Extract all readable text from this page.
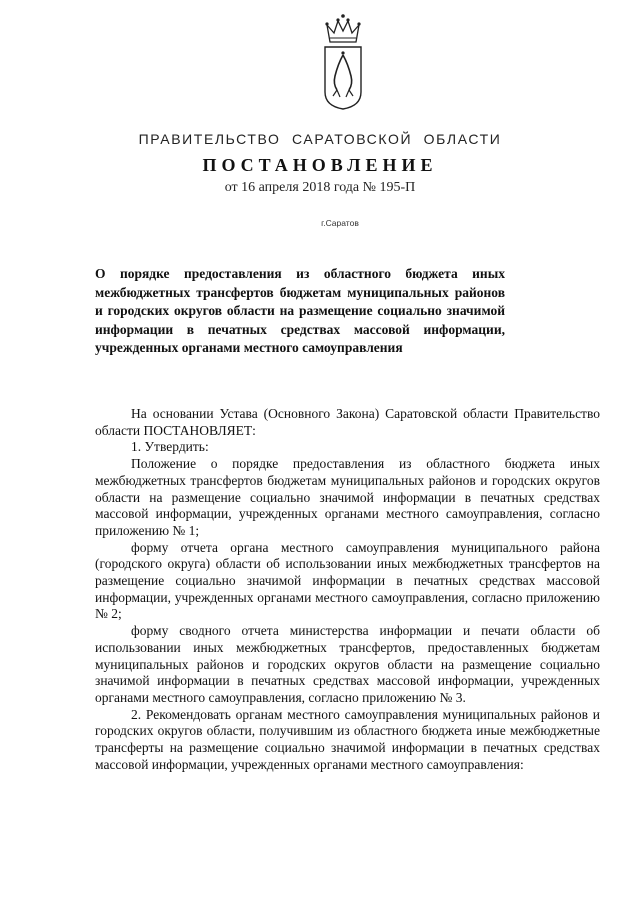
ПРАВИТЕЛЬСТВО САРАТОВСКОЙ ОБЛАСТИ
ПОСТАНОВЛЕНИЕ
от 16 апреля 2018 года № 195-П
г.Саратов
О порядке предоставления из областного бюджета иных межбюджетных трансфертов бюджетам муниципальных районов и городских округов области на размещение социально значимой информации в печатных средствах массовой информации, учрежденных органами местного самоуправления

На основании Устава (Основного Закона) Саратовской области Правительство области ПОСТАНОВЛЯЕТ:

1. Утвердить:

Положение о порядке предоставления из областного бюджета иных межбюджетных трансфертов бюджетам муниципальных районов и городских округов области на размещение социально значимой информации в печатных средствах массовой информации, учрежденных органами местного самоуправления, согласно приложению № 1;

форму отчета органа местного самоуправления муниципального района (городского округа) области об использовании иных межбюджетных трансфертов на размещение социально значимой информации в печатных средствах массовой информации, учрежденных органами местного самоуправления, согласно приложению № 2;

форму сводного отчета министерства информации и печати области об использовании иных межбюджетных трансфертов, предоставленных бюджетам муниципальных районов и городских округов области на размещение социально значимой информации в печатных средствах массовой информации, учрежденных органами местного самоуправления, согласно приложению № 3.

2. Рекомендовать органам местного самоуправления муниципальных районов и городских округов области, получившим из областного бюджета иные межбюджетные трансферты на размещение социально значимой информации в печатных средствах массовой информации, учрежденных органами местного самоуправления:
